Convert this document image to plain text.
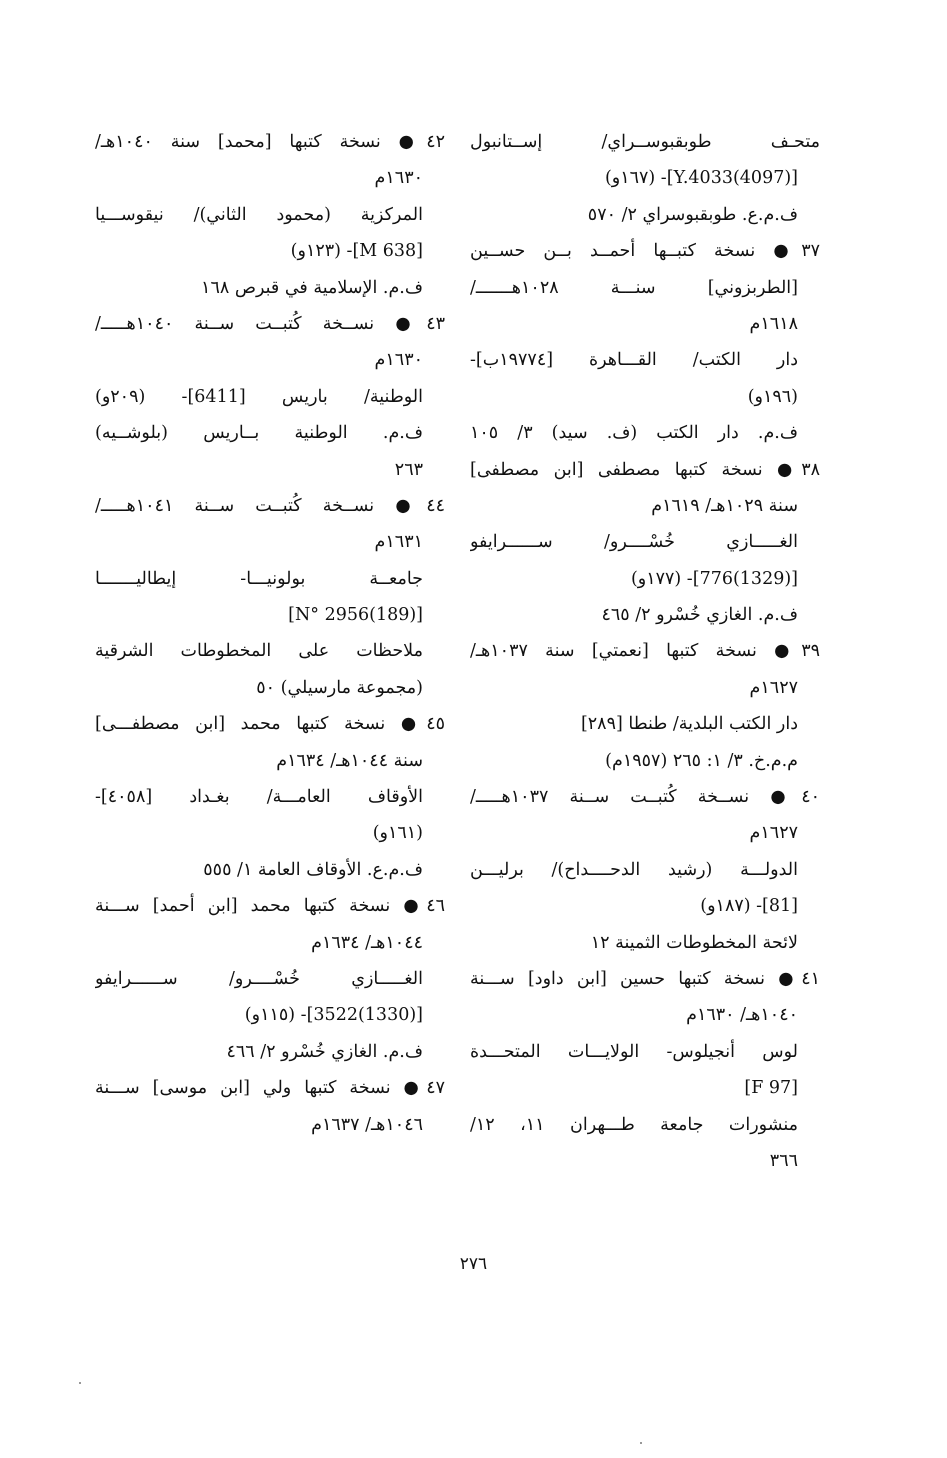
متحـف طوبقبوســراي/ إســتانبول
[(4097)Y.4033]- (١٦٧و)
ف.م.ع. طوبقبوسراي ٢/ ٥٧٠
٣٧● نسخة كتبــها أحمــد بــن حســين
[الطربزوني] سنـــة ١٠٢٨هـــــــ/
١٦١٨م
دار الكتب/ القـــاهرة [١٩٧٧٤ب]-
(١٩٦و)
ف.م. دار الكتب (ف. سيد) ٣/ ١٠٥
٣٨● نسخة كتبها مصطفى [ابن مصطفى]
سنة ١٠٢٩هـ/ ١٦١٩م
الغـــــازي خُسْــــرو/ ســــــرايفو
[(1329)776]- (١٧٧و)
ف.م. الغازي خُسْرو ٢/ ٤٦٥
٣٩● نسخة كتبها [نعمتي] سنة ١٠٣٧هـ/
١٦٢٧م
دار الكتب البلدية/ طنطا [٢٨٩]
م.م.خ. ٣/ ١: ٢٦٥ (١٩٥٧م)
٤٠● نســخة كُتبــت ســنة ١٠٣٧هـــــ/
١٦٢٧م
الدولـــة (رشيد الدحــــداح)/ برليـــن
[81]- (١٨٧و)
لائحة المخطوطات الثمينة ١٢
٤١● نسخة كتبها حسين [ابن داود] ســـنة
١٠٤٠هـ/ ١٦٣٠م
لوس أنجيلوس- الولايـــات المتحـــدة
[F 97]
منشورات جامعة طـــهران ١١، ١٢/
٣٦٦
٤٢● نسخة كتبها [محمد] سنة ١٠٤٠هـ/
١٦٣٠م
المركزية (محمود الثاني)/ نيقوســـيا
[M 638]- (١٢٣و)
ف.م. الإسلامية في قبرص ١٦٨
٤٣● نســخة كُتبــت ســنة ١٠٤٠هـــــ/
١٦٣٠م
الوطنية/ باريس [6411]- (٢٠٩و)
ف.م. الوطنية بــاريس (بلوشــيه)
٢٦٣
٤٤● نســخة كُتبــت ســنة ١٠٤١هـــــ/
١٦٣١م
جامعــة بولونيـــا- إيطاليـــــــا
[(189)N° 2956]
ملاحظات على المخطوطات الشرقية
(مجموعة مارسيلي) ٥٠
٤٥● نسخة كتبها محمد [ابن مصطفـــى]
سنة ١٠٤٤هـ/ ١٦٣٤م
الأوقاف العامـــة/ بغـداد [٤٠٥٨]-
(١٦١و)
ف.م.ع. الأوقاف العامة ١/ ٥٥٥
٤٦● نسخة كتبها محمد [ابن أحمد] ســـنة
١٠٤٤هـ/ ١٦٣٤م
الغـــــازي خُسْــــرو/ ســــــرايفو
[(1330)3522]- (١١٥و)
ف.م. الغازي خُسْرو ٢/ ٤٦٦
٤٧● نسخة كتبها ولي [ابن موسى] ســـنة
١٠٤٦هـ/ ١٦٣٧م
٢٧٦
